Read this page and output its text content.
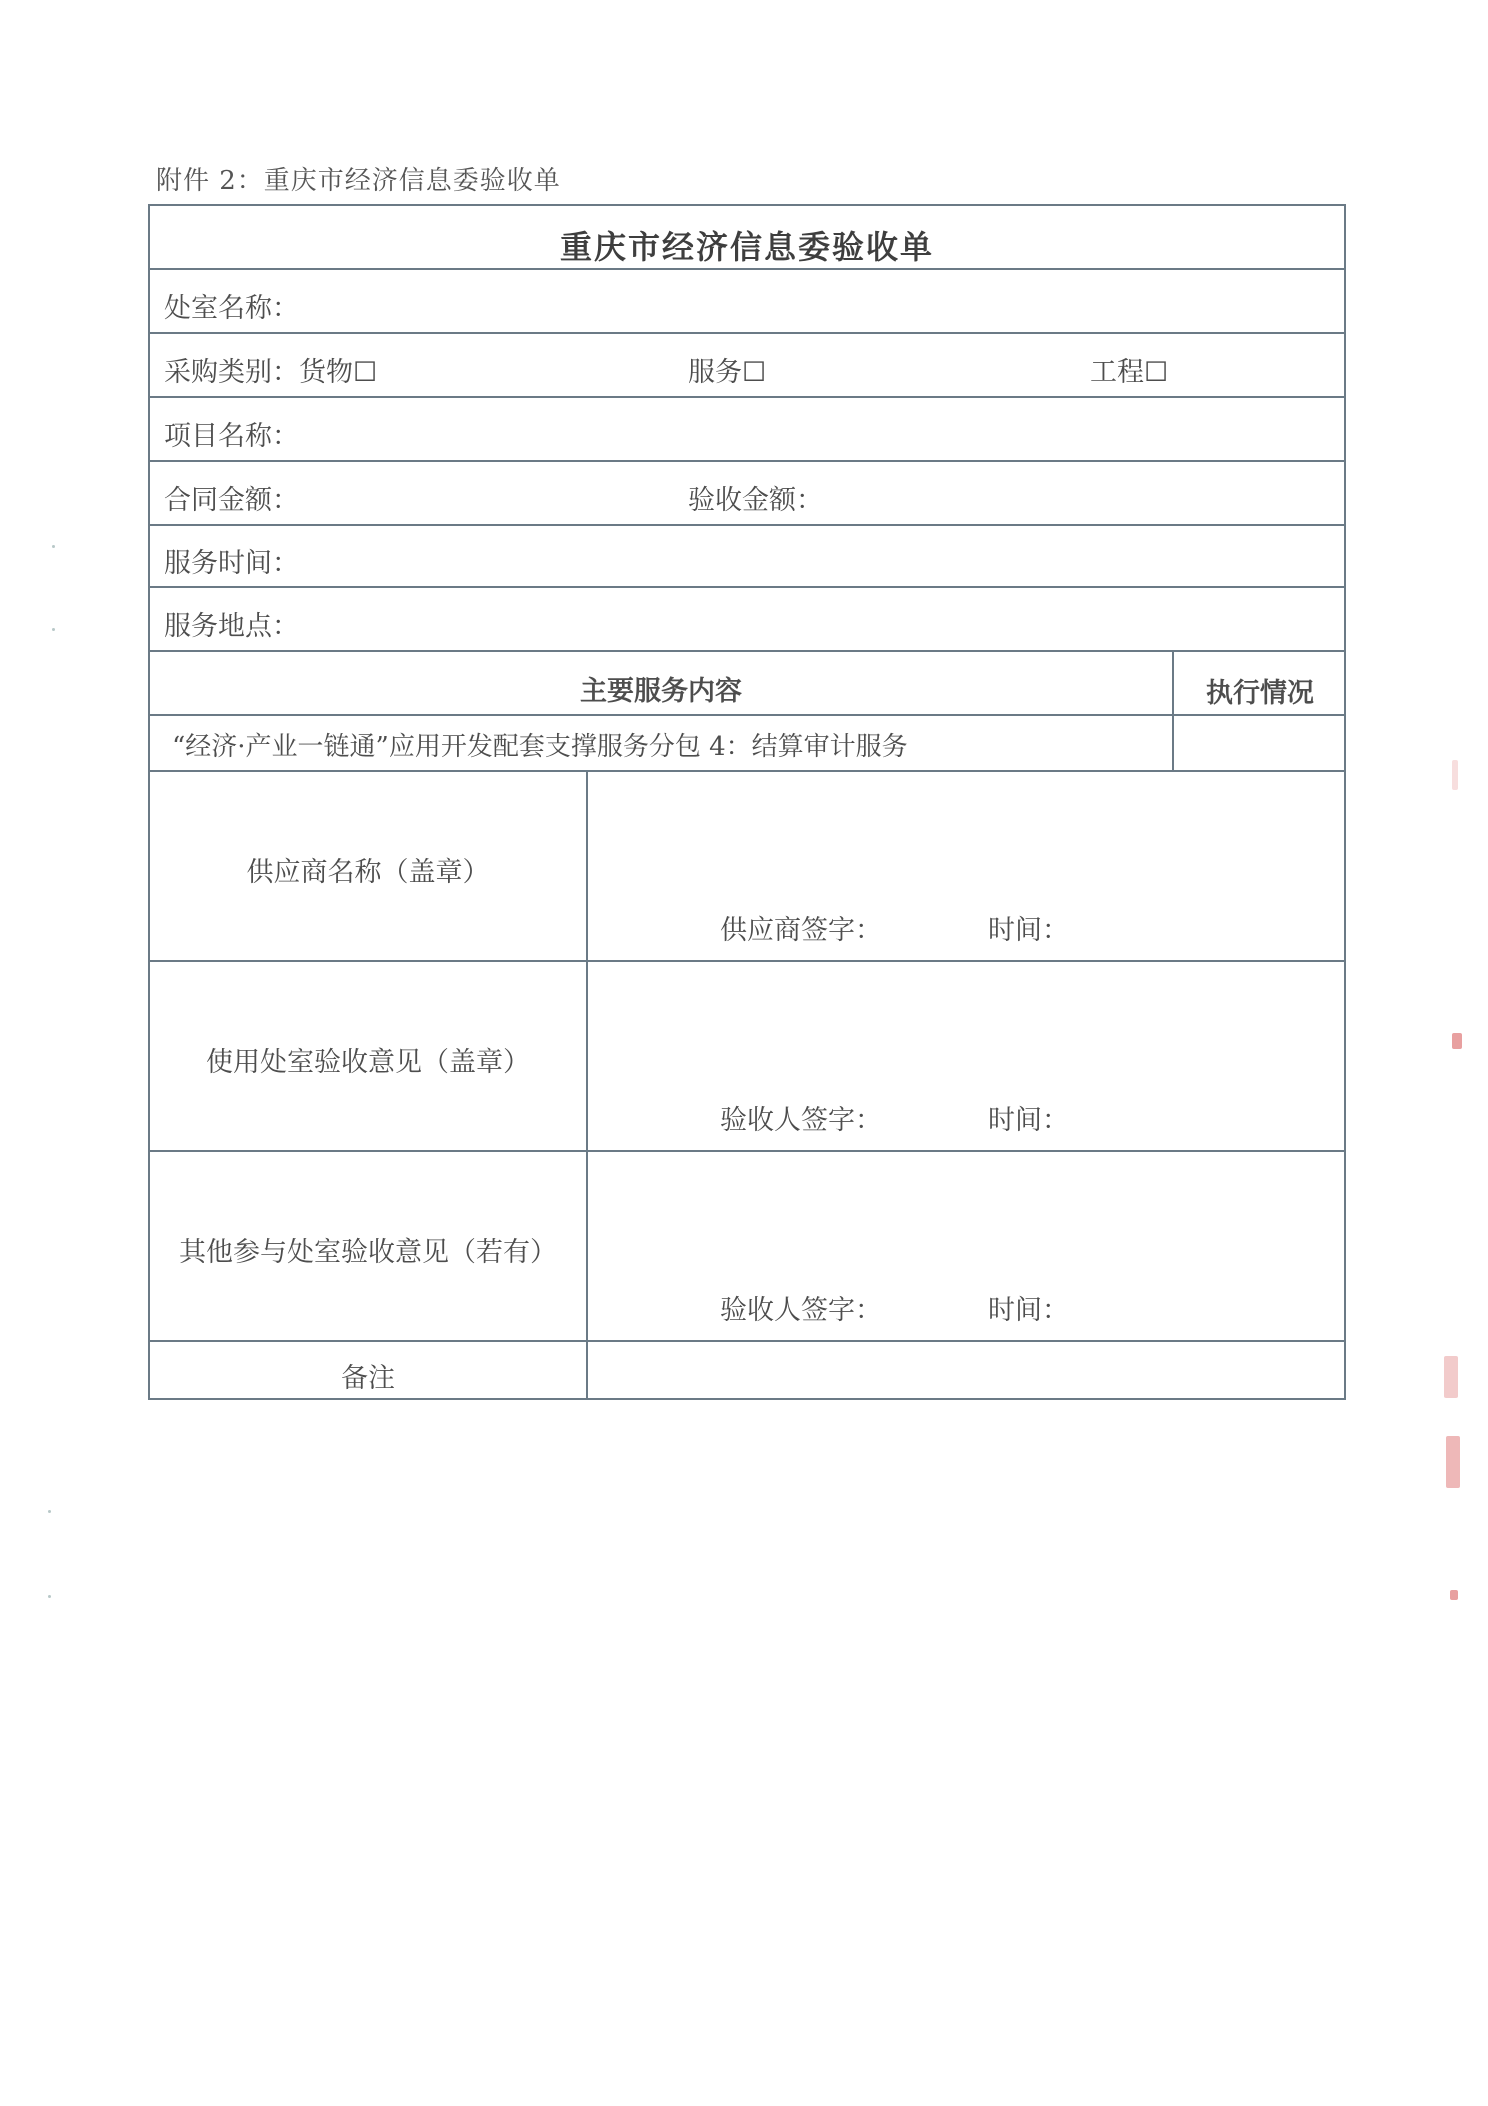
附件 2：重庆市经济信息委验收单
重庆市经济信息委验收单
处室名称：
采购类别：货物☐	服务☐	工程☐
项目名称：
合同金额：	验收金额：
服务时间：
服务地点：
主要服务内容	执行情况
“经济·产业一链通”应用开发配套支撑服务分包 4：结算审计服务
供应商名称（盖章）
供应商签字：	时间：
使用处室验收意见（盖章）
验收人签字：	时间：
其他参与处室验收意见（若有）
验收人签字：	时间：
备注
